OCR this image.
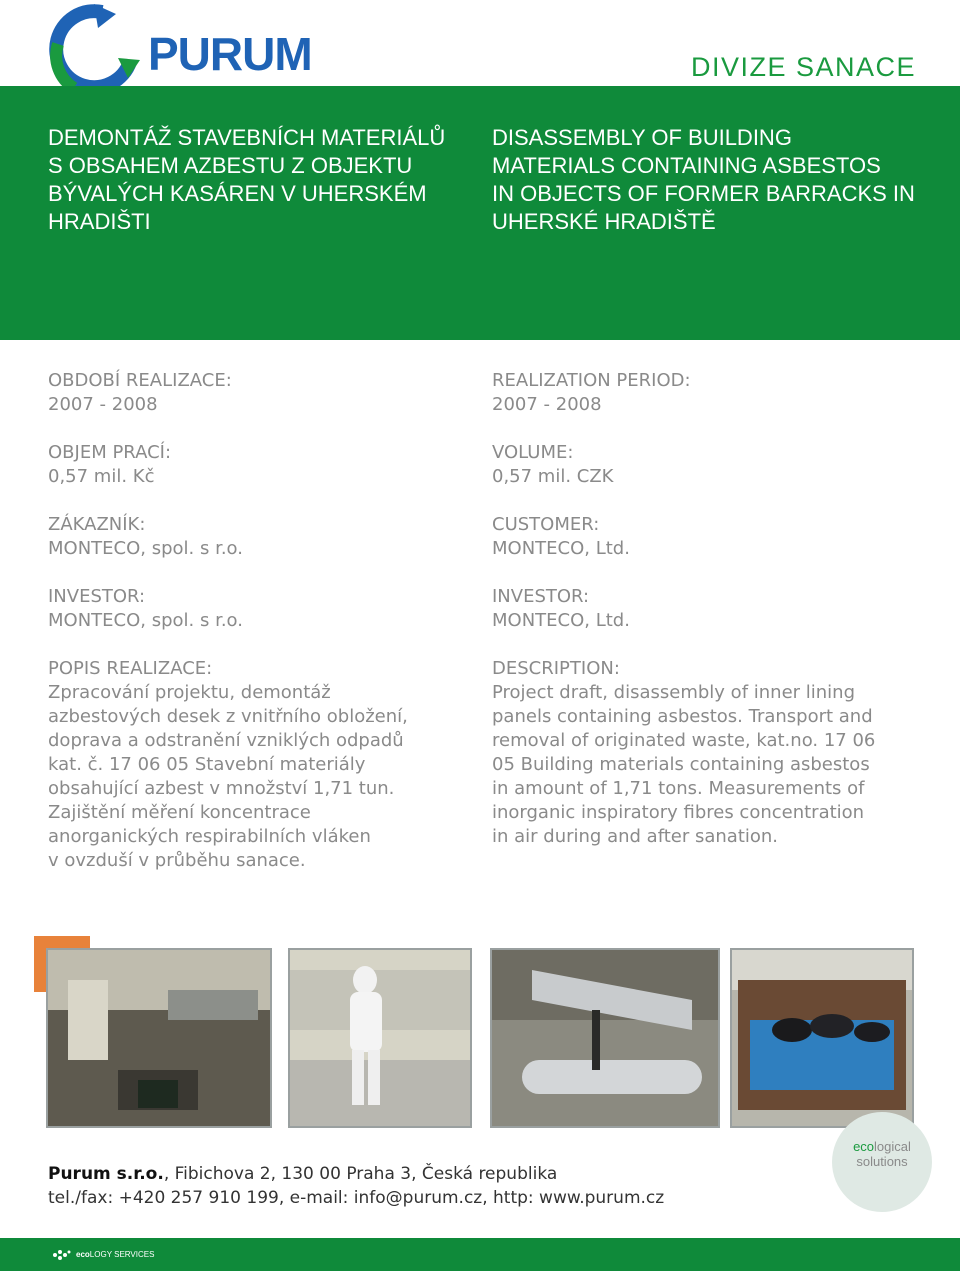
PURUM	DIVIZE SANACE
DEMONTÁŽ STAVEBNÍCH MATERIÁLŮ
S OBSAHEM AZBESTU Z OBJEKTU
BÝVALÝCH KASÁREN V UHERSKÉM
HRADIŠTI
DISASSEMBLY OF BUILDING
MATERIALS CONTAINING ASBESTOS
IN OBJECTS OF FORMER BARRACKS IN
UHERSKÉ HRADIŠTĚ
OBDOBÍ REALIZACE:
2007 - 2008
OBJEM PRACÍ:
0,57 mil. Kč
ZÁKAZNÍK:
MONTECO, spol. s r.o.
INVESTOR:
MONTECO, spol. s r.o.
POPIS REALIZACE:
Zpracování projektu, demontáž
azbestových desek z vnitřního obložení,
doprava a odstranění vzniklých odpadů
kat. č. 17 06 05 Stavební materiály
obsahující azbest v množství 1,71 tun.
Zajištění měření koncentrace
anorganických respirabilních vláken
v ovzduší v průběhu sanace.
REALIZATION PERIOD:
2007 - 2008
VOLUME:
0,57 mil. CZK
CUSTOMER:
MONTECO, Ltd.
INVESTOR:
MONTECO, Ltd.
DESCRIPTION:
Project draft, disassembly of inner lining
panels containing asbestos. Transport and
removal of originated waste, kat.no. 17 06
05 Building materials containing asbestos
in amount of 1,71 tons. Measurements of
inorganic inspiratory fibres concentration
in air during and after sanation.
Purum s.r.o., Fibichova 2, 130 00 Praha 3, Česká republika
tel./fax: +420 257 910 199, e-mail: info@purum.cz, http: www.purum.cz
ecological
solutions
ecoLOGY SERVICES
